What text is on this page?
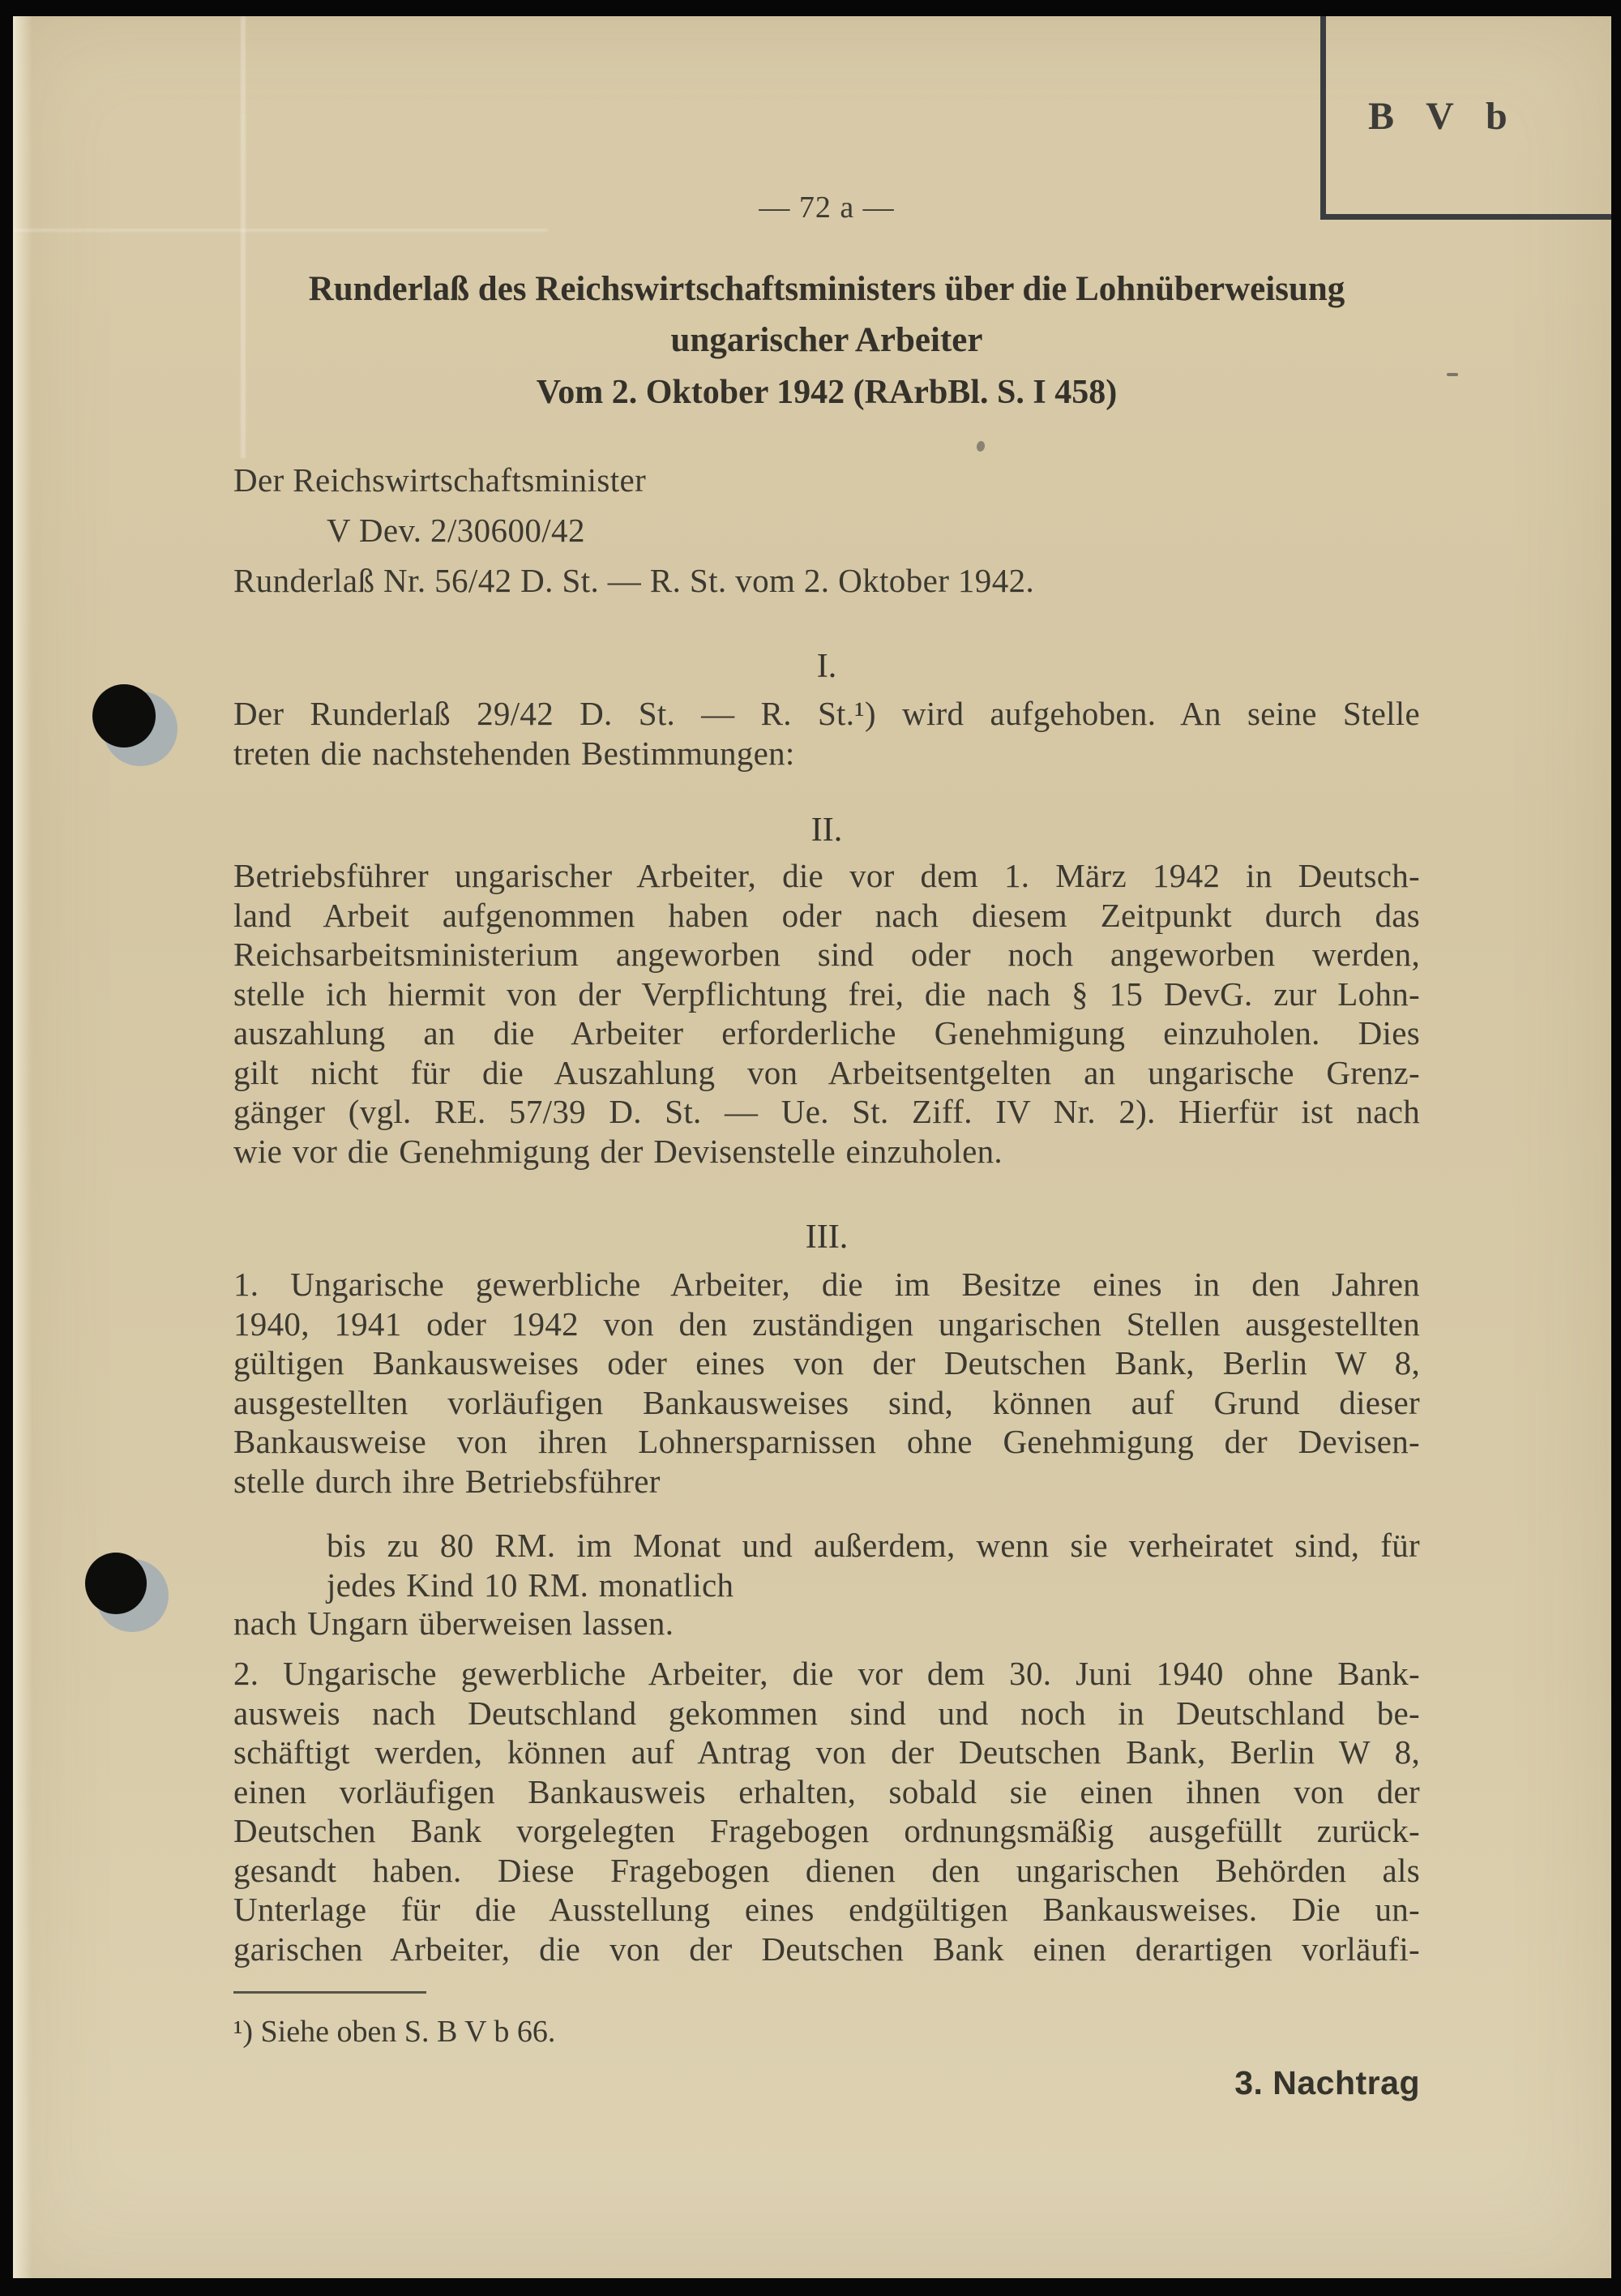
B V b
— 72 a —
Runderlaß des Reichswirtschaftsministers über die Lohnüberweisung
ungarischer Arbeiter
Vom 2. Oktober 1942 (RArbBl. S. I 458)
Der Reichswirtschaftsminister
V Dev. 2/30600/42
Runderlaß Nr. 56/42 D. St. — R. St. vom 2. Oktober 1942.
I.
Der Runderlaß 29/42 D. St. — R. St.¹) wird aufgehoben. An seine Stelle
treten die nachstehenden Bestimmungen:
II.
Betriebsführer ungarischer Arbeiter, die vor dem 1. März 1942 in Deutsch-
land Arbeit aufgenommen haben oder nach diesem Zeitpunkt durch das
Reichsarbeitsministerium angeworben sind oder noch angeworben werden,
stelle ich hiermit von der Verpflichtung frei, die nach § 15 DevG. zur Lohn-
auszahlung an die Arbeiter erforderliche Genehmigung einzuholen. Dies
gilt nicht für die Auszahlung von Arbeitsentgelten an ungarische Grenz-
gänger (vgl. RE. 57/39 D. St. — Ue. St. Ziff. IV Nr. 2). Hierfür ist nach
wie vor die Genehmigung der Devisenstelle einzuholen.
III.
1. Ungarische gewerbliche Arbeiter, die im Besitze eines in den Jahren
1940, 1941 oder 1942 von den zuständigen ungarischen Stellen ausgestellten
gültigen Bankausweises oder eines von der Deutschen Bank, Berlin W 8,
ausgestellten vorläufigen Bankausweises sind, können auf Grund dieser
Bankausweise von ihren Lohnersparnissen ohne Genehmigung der Devisen-
stelle durch ihre Betriebsführer
bis zu 80 RM. im Monat und außerdem, wenn sie verheiratet sind, für
jedes Kind 10 RM. monatlich
nach Ungarn überweisen lassen.
2. Ungarische gewerbliche Arbeiter, die vor dem 30. Juni 1940 ohne Bank-
ausweis nach Deutschland gekommen sind und noch in Deutschland be-
schäftigt werden, können auf Antrag von der Deutschen Bank, Berlin W 8,
einen vorläufigen Bankausweis erhalten, sobald sie einen ihnen von der
Deutschen Bank vorgelegten Fragebogen ordnungsmäßig ausgefüllt zurück-
gesandt haben. Diese Fragebogen dienen den ungarischen Behörden als
Unterlage für die Ausstellung eines endgültigen Bankausweises. Die un-
garischen Arbeiter, die von der Deutschen Bank einen derartigen vorläufi-
¹) Siehe oben S. B V b 66.
3. Nachtrag
